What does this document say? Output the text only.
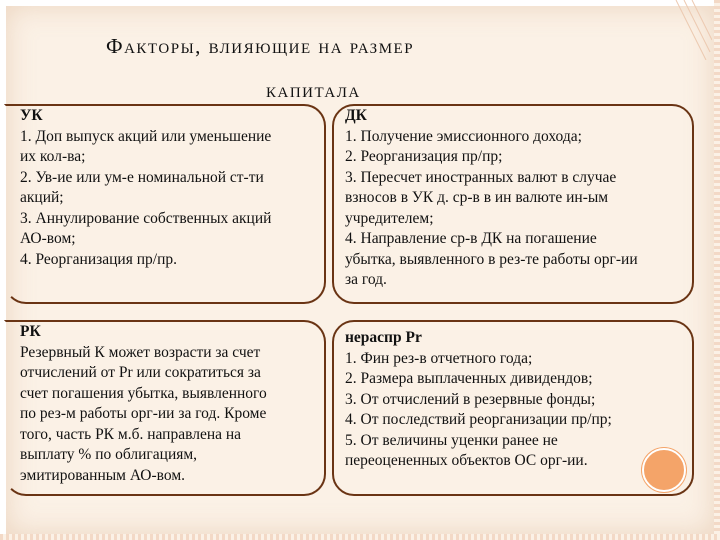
Факторы, влияющие на размер
капитала
УК
1. Доп выпуск акций или уменьшение
их кол-ва;
2. Ув-ие или ум-е номинальной ст-ти
акций;
3. Аннулирование собственных акций
АО-вом;
4. Реорганизация пр/пр.
ДК
1. Получение эмиссионного дохода;
2. Реорганизация пр/пр;
3. Пересчет иностранных валют в случае
взносов в УК д. ср-в в ин валюте ин-ым
учредителем;
4. Направление ср-в ДК на погашение
убытка, выявленного в рез-те работы орг-ии
за год.
РК
Резервный К может возрасти за счет
отчислений от Pr или сократиться за
счет погашения убытка, выявленного
по рез-м работы орг-ии за год. Кроме
того, часть РК м.б. направлена на
выплату % по облигациям,
эмитированным АО-вом.
нераспр Pr
1. Фин рез-в отчетного года;
2. Размера выплаченных дивидендов;
3. От отчислений в резервные фонды;
4. От последствий реорганизации пр/пр;
5. От величины уценки ранее не
переоцененных объектов ОС орг-ии.
